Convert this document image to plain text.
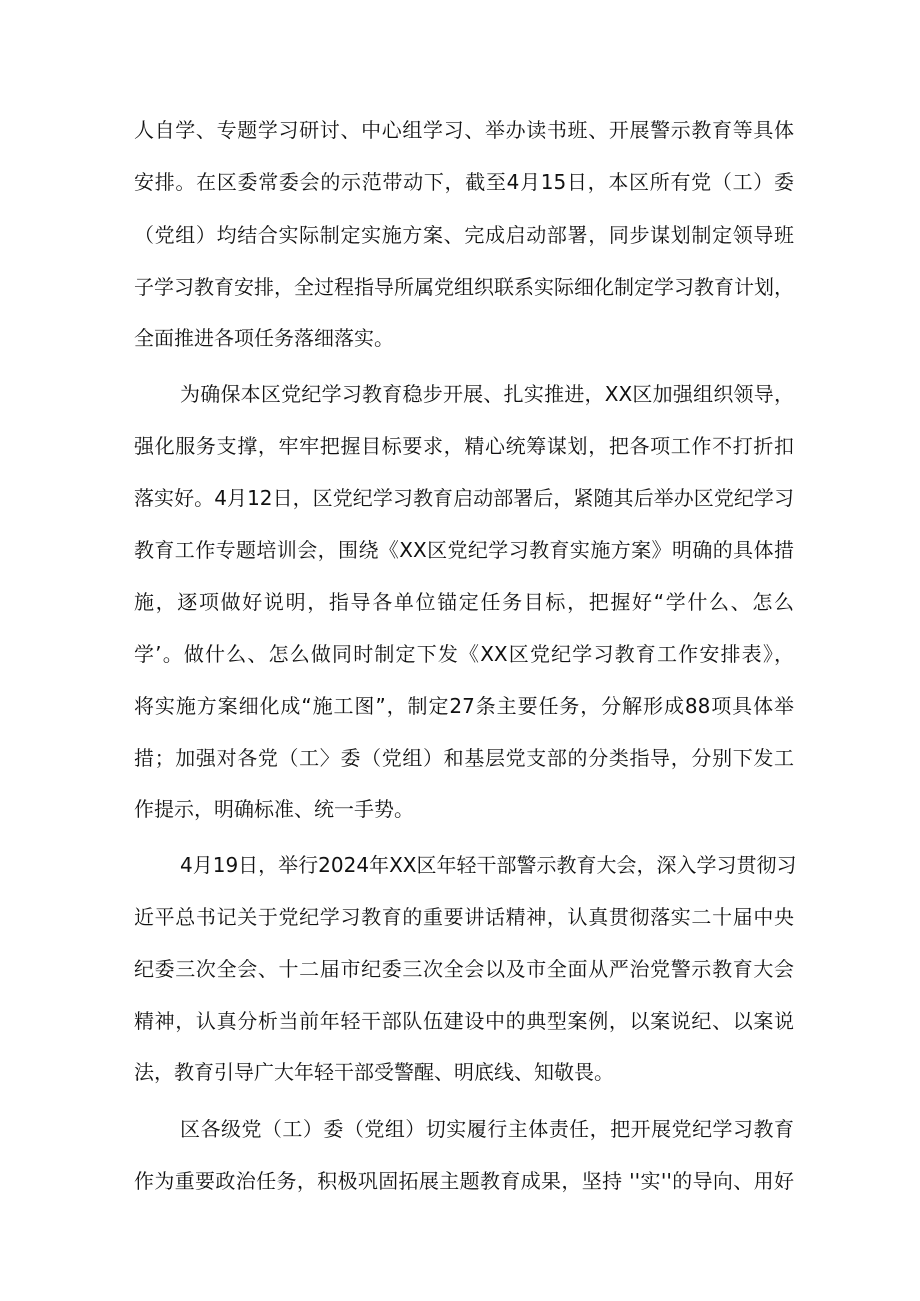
人自学、专题学习研讨、中心组学习、举办读书班、开展警示教育等具体
安排。在区委常委会的示范带动下，截至4月15日，本区所有党（工）委
（党组）均结合实际制定实施方案、完成启动部署，同步谋划制定领导班
子学习教育安排，全过程指导所属党组织联系实际细化制定学习教育计划，
全面推进各项任务落细落实。
为确保本区党纪学习教育稳步开展、扎实推进，XX区加强组织领导，
强化服务支撑，牢牢把握目标要求，精心统筹谋划，把各项工作不打折扣
落实好。4月12日，区党纪学习教育启动部署后，紧随其后举办区党纪学习
教育工作专题培训会，围绕《XX区党纪学习教育实施方案》明确的具体措
施，逐项做好说明，指导各单位锚定任务目标，把握好“学什么、怎么
学’。做什么、怎么做同时制定下发《XX区党纪学习教育工作安排表》，
将实施方案细化成“施工图”，制定27条主要任务，分解形成88项具体举
措；加强对各党（工〉委（党组）和基层党支部的分类指导，分别下发工
作提示，明确标准、统一手势。
4月19日，举行2024年XX区年轻干部警示教育大会，深入学习贯彻习
近平总书记关于党纪学习教育的重要讲话精神，认真贯彻落实二十届中央
纪委三次全会、十二届市纪委三次全会以及市全面从严治党警示教育大会
精神，认真分析当前年轻干部队伍建设中的典型案例，以案说纪、以案说
法，教育引导广大年轻干部受警醒、明底线、知敬畏。
区各级党（工）委（党组）切实履行主体责任，把开展党纪学习教育
作为重要政治任务，积极巩固拓展主题教育成果，坚持 ''实''的导向、用好
